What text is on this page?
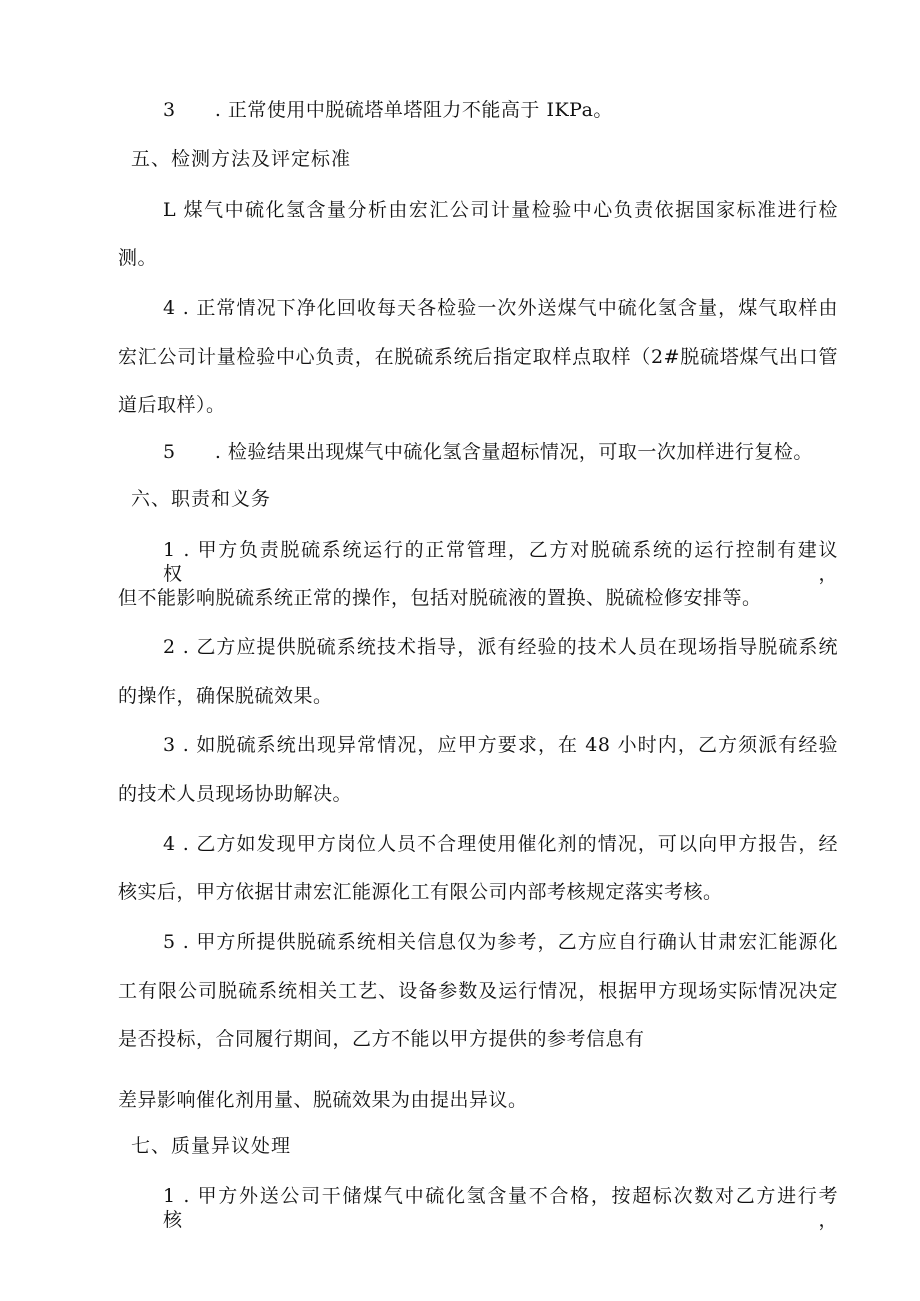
3      . 正常使用中脱硫塔单塔阻力不能高于 IKPa。
五、检测方法及评定标准
L 煤气中硫化氢含量分析由宏汇公司计量检验中心负责依据国家标准进行检
测。
4 . 正常情况下净化回收每天各检验一次外送煤气中硫化氢含量，煤气取样由
宏汇公司计量检验中心负责，在脱硫系统后指定取样点取样（2#脱硫塔煤气出口管
道后取样）。
5      . 检验结果出现煤气中硫化氢含量超标情况，可取一次加样进行复检。
六、职责和义务
1 . 甲方负责脱硫系统运行的正常管理，乙方对脱硫系统的运行控制有建议权，
但不能影响脱硫系统正常的操作，包括对脱硫液的置换、脱硫检修安排等。
2 . 乙方应提供脱硫系统技术指导，派有经验的技术人员在现场指导脱硫系统
的操作，确保脱硫效果。
3 . 如脱硫系统出现异常情况，应甲方要求，在 48 小时内，乙方须派有经验
的技术人员现场协助解决。
4 . 乙方如发现甲方岗位人员不合理使用催化剂的情况，可以向甲方报告，经
核实后，甲方依据甘肃宏汇能源化工有限公司内部考核规定落实考核。
5 . 甲方所提供脱硫系统相关信息仅为参考，乙方应自行确认甘肃宏汇能源化
工有限公司脱硫系统相关工艺、设备参数及运行情况，根据甲方现场实际情况决定
是否投标，合同履行期间，乙方不能以甲方提供的参考信息有
差异影响催化剂用量、脱硫效果为由提出异议。
七、质量异议处理
1 . 甲方外送公司干储煤气中硫化氢含量不合格，按超标次数对乙方进行考核，
